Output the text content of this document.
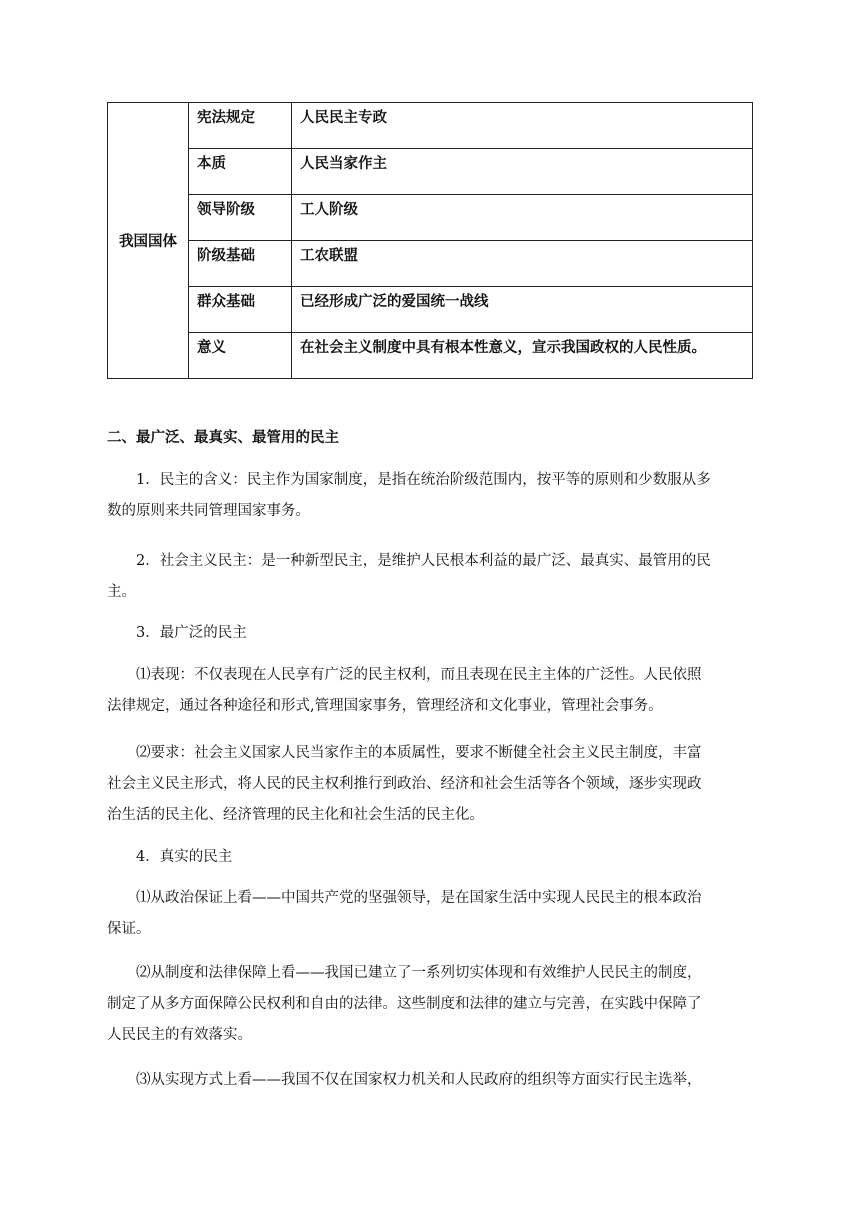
我国国体	宪法规定	人民民主专政
	本质	人民当家作主
	领导阶级	工人阶级
	阶级基础	工农联盟
	群众基础	已经形成广泛的爱国统一战线
	意义	在社会主义制度中具有根本性意义，宣示我国政权的人民性质。
二、最广泛、最真实、最管用的民主
1．民主的含义：民主作为国家制度，是指在统治阶级范围内，按平等的原则和少数服从多
数的原则来共同管理国家事务。
2．社会主义民主：是一种新型民主，是维护人民根本利益的最广泛、最真实、最管用的民
主。
3．最广泛的民主
⑴表现：不仅表现在人民享有广泛的民主权利，而且表现在民主主体的广泛性。人民依照
法律规定，通过各种途径和形式,管理国家事务，管理经济和文化事业，管理社会事务。
⑵要求：社会主义国家人民当家作主的本质属性，要求不断健全社会主义民主制度，丰富
社会主义民主形式，将人民的民主权利推行到政治、经济和社会生活等各个领域，逐步实现政
治生活的民主化、经济管理的民主化和社会生活的民主化。
4．真实的民主
⑴从政治保证上看——中国共产党的坚强领导，是在国家生活中实现人民民主的根本政治
保证。
⑵从制度和法律保障上看——我国已建立了一系列切实体现和有效维护人民民主的制度，
制定了从多方面保障公民权利和自由的法律。这些制度和法律的建立与完善，在实践中保障了
人民民主的有效落实。
⑶从实现方式上看——我国不仅在国家权力机关和人民政府的组织等方面实行民主选举，
